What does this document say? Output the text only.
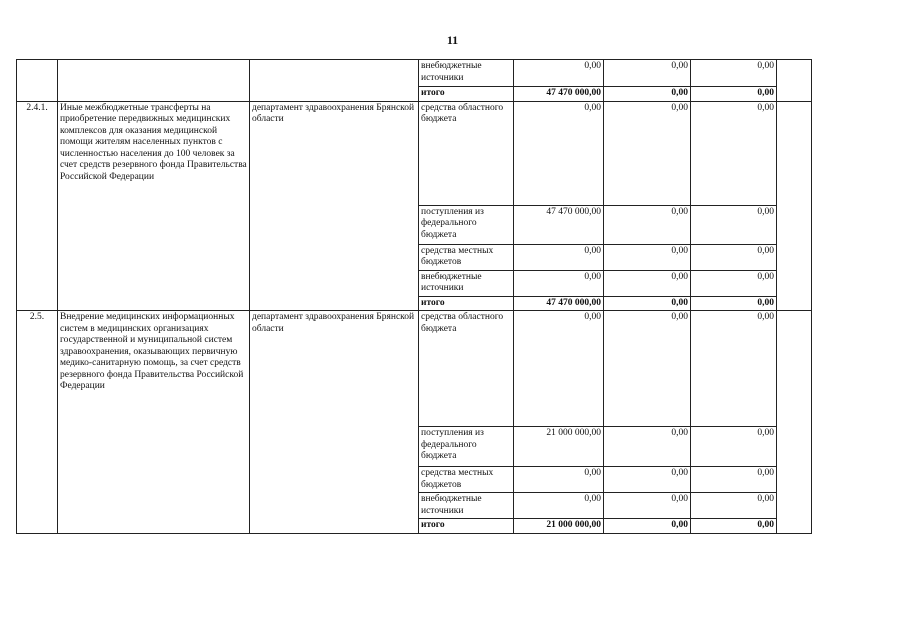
11
			внебюджетные источники	0,00	0,00	0,00	
			итого	47 470 000,00	0,00	0,00	
2.4.1.	Иные межбюджетные трансферты на приобретение передвижных медицинских комплексов для оказания медицинской помощи жителям населенных пунктов с численностью населения до 100 человек за счет средств резервного фонда Правительства Российской Федерации	департамент здравоохранения Брянской области	средства областного бюджета	0,00	0,00	0,00	
			поступления из федерального бюджета	47 470 000,00	0,00	0,00	
			средства местных бюджетов	0,00	0,00	0,00	
			внебюджетные источники	0,00	0,00	0,00	
			итого	47 470 000,00	0,00	0,00	
2.5.	Внедрение медицинских информационных систем в медицинских организациях государственной и муниципальной систем здравоохранения, оказывающих первичную медико-санитарную помощь, за счет средств резервного фонда Правительства Российской Федерации	департамент здравоохранения Брянской области	средства областного бюджета	0,00	0,00	0,00	
			поступления из федерального бюджета	21 000 000,00	0,00	0,00	
			средства местных бюджетов	0,00	0,00	0,00	
			внебюджетные источники	0,00	0,00	0,00	
			итого	21 000 000,00	0,00	0,00	
